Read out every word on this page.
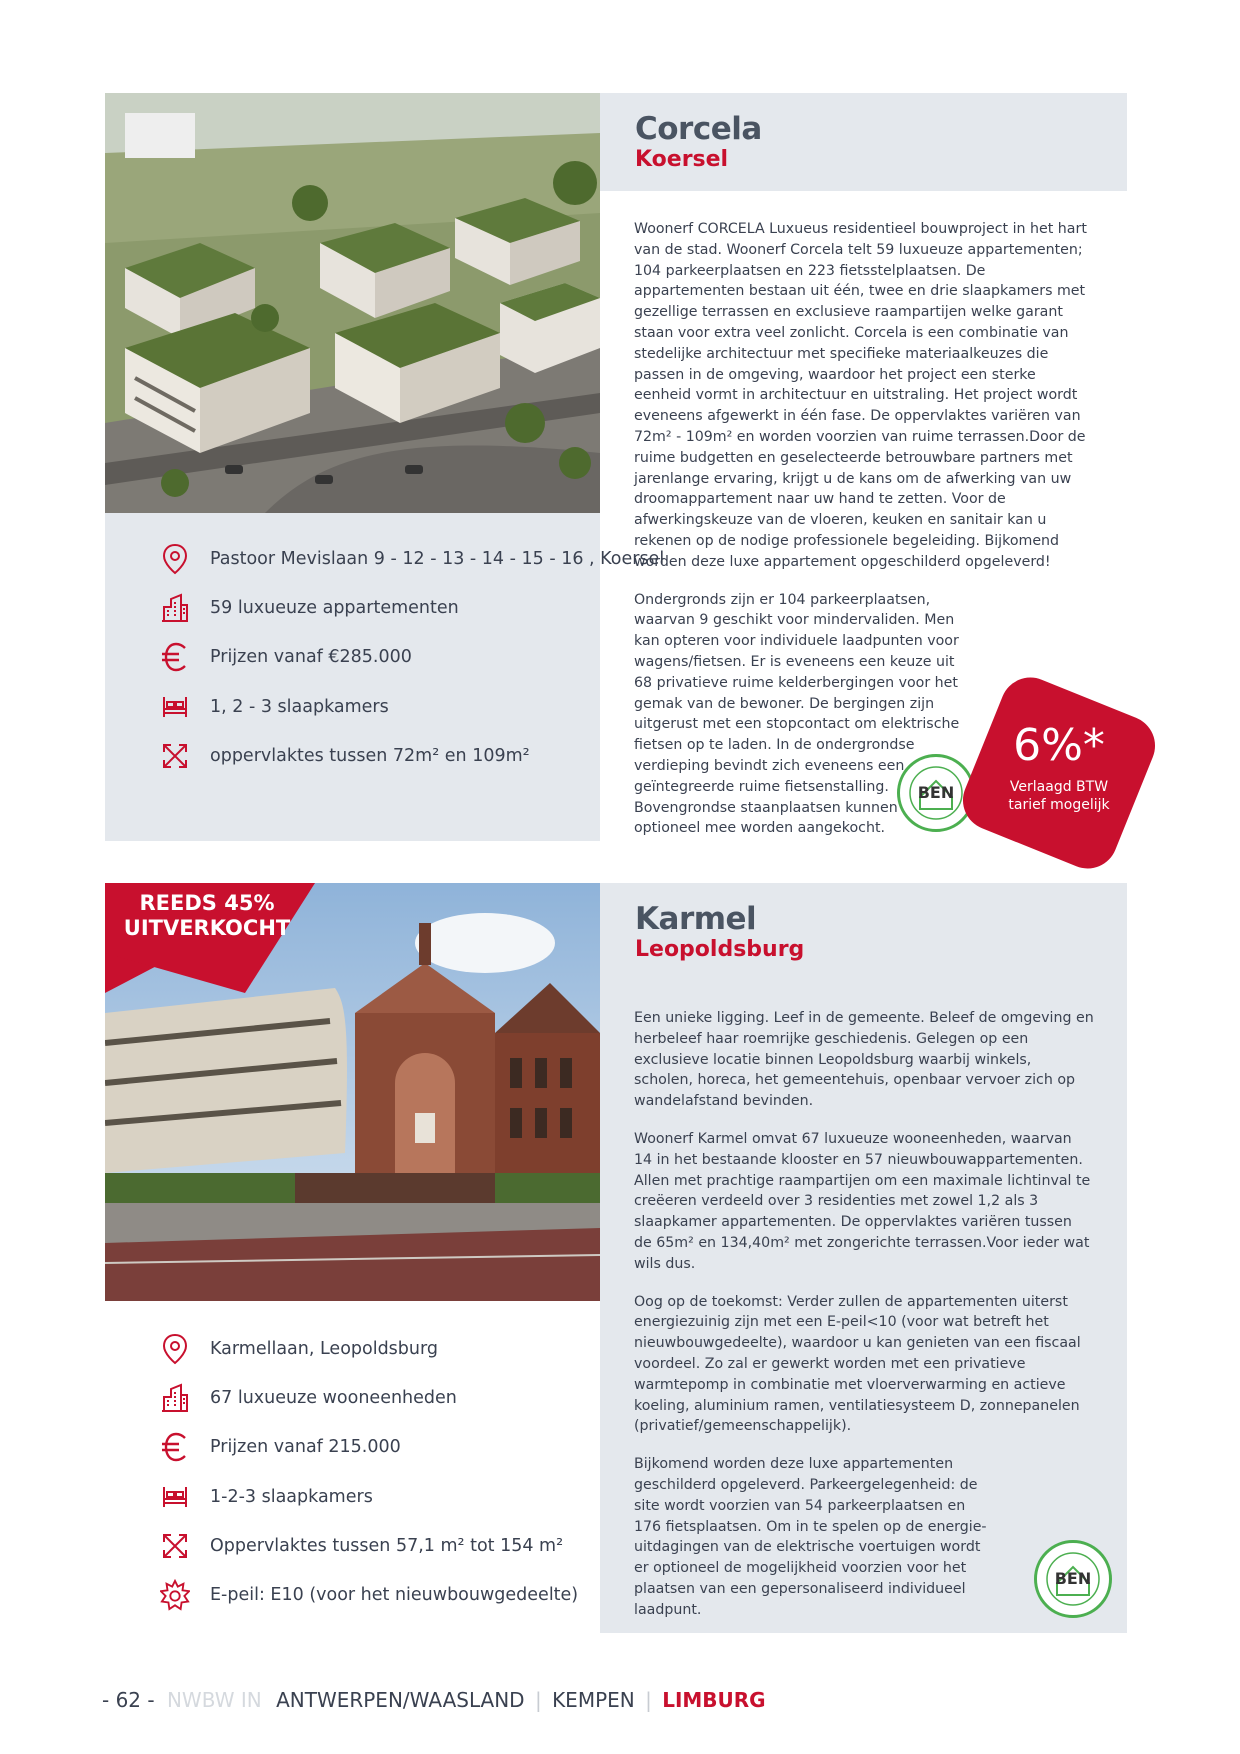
Corcela
Koersel

Woonerf CORCELA Luxueus residentieel bouwproject in het hart van de stad. Woonerf Corcela telt 59 luxueuze appartementen; 104 parkeerplaatsen en 223 fietsstelplaatsen. De appartementen bestaan uit één, twee en drie slaapkamers met gezellige terrassen en exclusieve raampartijen welke garant staan voor extra veel zonlicht. Corcela is een combinatie van stedelijke architectuur met specifieke materiaalkeuzes die passen in de omgeving, waardoor het project een sterke eenheid vormt in architectuur en uitstraling. Het project wordt eveneens afgewerkt in één fase. De oppervlaktes variëren van 72m² - 109m² en worden voorzien van ruime terrassen.Door de ruime budgetten en geselecteerde betrouwbare partners met jarenlange ervaring, krijgt u de kans om de afwerking van uw droomappartement naar uw hand te zetten. Voor de afwerkingskeuze van de vloeren, keuken en sanitair kan u rekenen op de nodige professionele begeleiding. Bijkomend worden deze luxe appartement opgeschilderd opgeleverd!

Ondergronds zijn er 104 parkeerplaatsen, waarvan 9 geschikt voor mindervaliden. Men kan opteren voor individuele laadpunten voor wagens/fietsen. Er is eveneens een keuze uit 68 privatieve ruime kelderbergingen voor het gemak van de bewoner. De bergingen zijn uitgerust met een stopcontact om elektrische fietsen op te laden. In de ondergrondse verdieping bevindt zich eveneens een geïntegreerde ruime fietsenstalling. Bovengrondse staanplaatsen kunnen optioneel mee worden aangekocht.

Pastoor Mevislaan 9 - 12 - 13 - 14 - 15 - 16 , Koersel
59 luxueuze appartementen
Prijzen vanaf €285.000
1, 2 - 3 slaapkamers
oppervlaktes tussen 72m² en 109m²
BEN
6%*
Verlaagd BTW
tarief mogelijk
REEDS 45%
UITVERKOCHT	Karmel
Leopoldsburg

Een unieke ligging. Leef in de gemeente. Beleef de omgeving en herbeleef haar roemrijke geschiedenis. Gelegen op een exclusieve locatie binnen Leopoldsburg waarbij winkels, scholen, horeca, het gemeentehuis, openbaar vervoer zich op wandelafstand bevinden.

Woonerf Karmel omvat 67 luxueuze wooneenheden, waarvan 14 in het bestaande klooster en 57 nieuwbouwappartementen. Allen met prachtige raampartijen om een maximale lichtinval te creëeren verdeeld over 3 residenties met zowel 1,2 als 3 slaapkamer appartementen. De oppervlaktes variëren tussen de 65m² en 134,40m² met zongerichte terrassen.Voor ieder wat wils dus.

Oog op de toekomst: Verder zullen de appartementen uiterst energiezuinig zijn met een E-peil<10 (voor wat betreft het nieuwbouwgedeelte), waardoor u kan genieten van een fiscaal voordeel. Zo zal er gewerkt worden met een privatieve warmtepomp in combinatie met vloerverwarming en actieve koeling, aluminium ramen, ventilatiesysteem D, zonnepanelen (privatief/gemeenschappelijk).

Bijkomend worden deze luxe appartementen geschilderd opgeleverd. Parkeergelegenheid: de site wordt voorzien van 54 parkeerplaatsen en 176 fietsplaatsen. Om in te spelen op de energie-uitdagingen van de elektrische voertuigen wordt er optioneel de mogelijkheid voorzien voor het plaatsen van een gepersonaliseerd individueel laadpunt.

Karmellaan, Leopoldsburg
67 luxueuze wooneenheden
Prijzen vanaf 215.000
1-2-3 slaapkamers
Oppervlaktes tussen 57,1 m² tot 154 m²
E-peil: E10 (voor het nieuwbouwgedeelte)
BEN
- 62 - NWBW IN ANTWERPEN/WAASLAND | KEMPEN | LIMBURG
